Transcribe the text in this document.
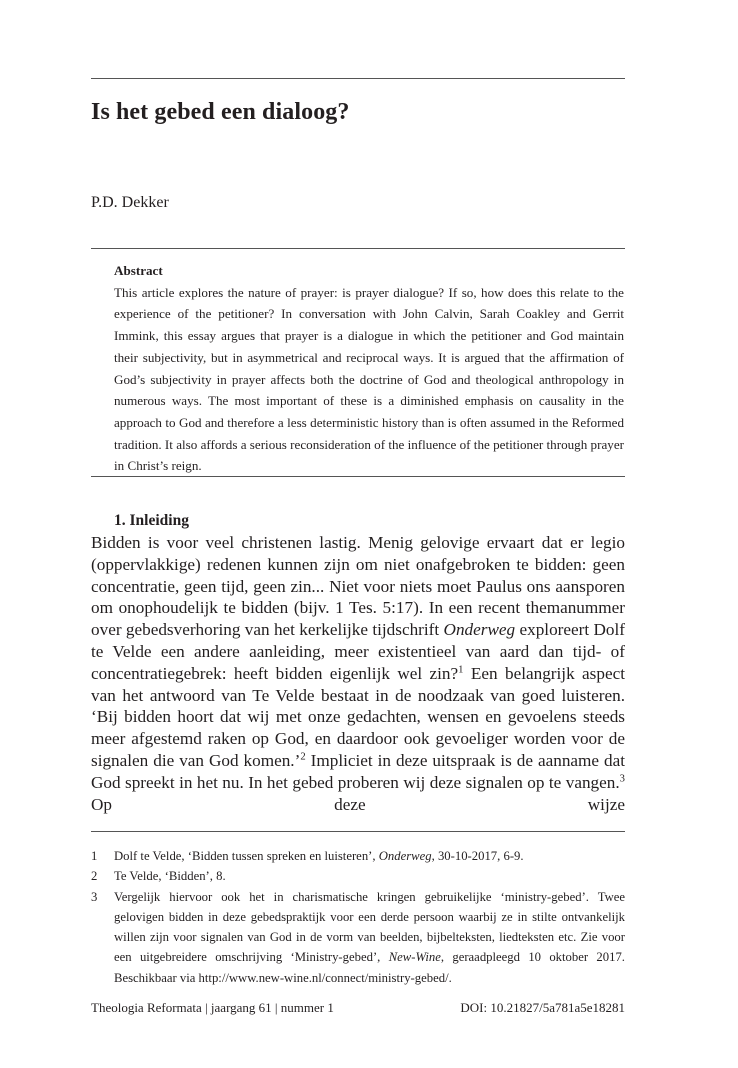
Is het gebed een dialoog?
P.D. Dekker
Abstract
This article explores the nature of prayer: is prayer dialogue? If so, how does this relate to the experience of the petitioner? In conversation with John Calvin, Sarah Coakley and Gerrit Immink, this essay argues that prayer is a dialogue in which the petitioner and God maintain their subjectivity, but in asymmetrical and reciprocal ways. It is argued that the affirmation of God’s subjectivity in prayer affects both the doctrine of God and theological anthropology in numerous ways. The most important of these is a diminished emphasis on causality in the approach to God and therefore a less deterministic history than is often assumed in the Reformed tradition. It also affords a serious reconsideration of the influence of the petitioner through prayer in Christ’s reign.
1. Inleiding
Bidden is voor veel christenen lastig. Menig gelovige ervaart dat er legio (oppervlakkige) redenen kunnen zijn om niet onafgebroken te bidden: geen concentratie, geen tijd, geen zin... Niet voor niets moet Paulus ons aansporen om onophoudelijk te bidden (bijv. 1 Tes. 5:17). In een recent themanummer over gebedsverhoring van het kerkelijke tijdschrift Onderweg exploreert Dolf te Velde een andere aanleiding, meer existentieel van aard dan tijd- of concentratiegebrek: heeft bidden eigenlijk wel zin?$^1$ Een belangrijk aspect van het antwoord van Te Velde bestaat in de noodzaak van goed luisteren. ‘Bij bidden hoort dat wij met onze gedachten, wensen en gevoelens steeds meer afgestemd raken op God, en daardoor ook gevoeliger worden voor de signalen die van God komen.’$^2$ Impliciet in deze uitspraak is de aanname dat God spreekt in het nu. In het gebed proberen wij deze signalen op te vangen.$^3$ Op deze wijze
1	Dolf te Velde, ‘Bidden tussen spreken en luisteren’, Onderweg, 30-10-2017, 6-9.
2	Te Velde, ‘Bidden’, 8.
3	Vergelijk hiervoor ook het in charismatische kringen gebruikelijke ‘ministry-gebed’. Twee gelovigen bidden in deze gebedspraktijk voor een derde persoon waarbij ze in stilte ontvankelijk willen zijn voor signalen van God in de vorm van beelden, bijbelteksten, liedteksten etc. Zie voor een uitgebreidere omschrijving ‘Ministry-gebed’, New-Wine, geraadpleegd 10 oktober 2017. Beschikbaar via http://www.new-wine.nl/connect/ministry-gebed/.
Theologia Reformata | jaargang 61 | nummer 1	DOI: 10.21827/5a781a5e18281
